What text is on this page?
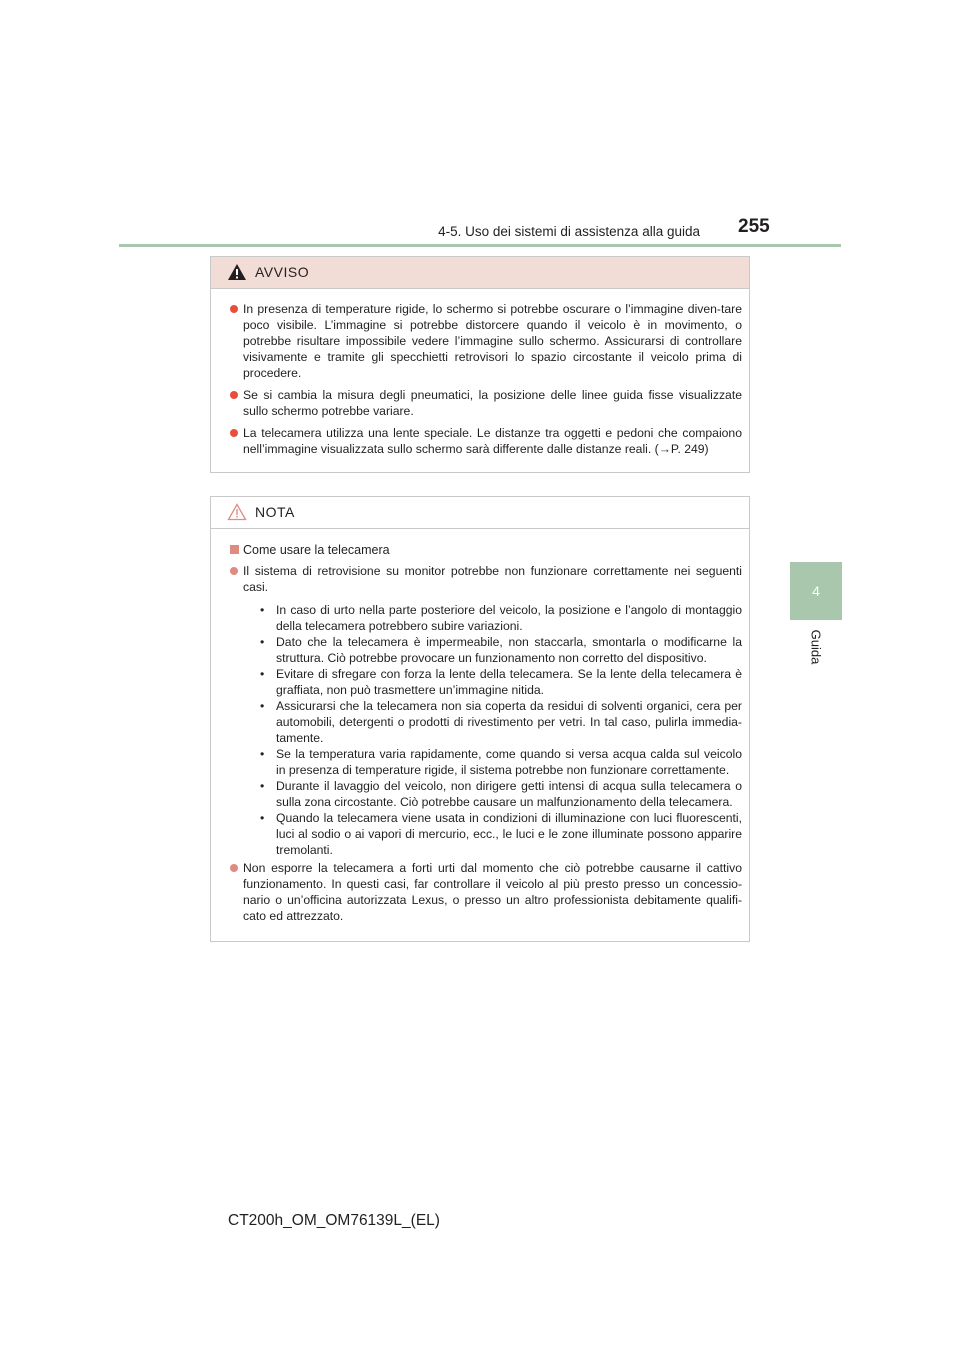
4-5. Uso dei sistemi di assistenza alla guida 255
4
Guida
AVVISO
In presenza di temperature rigide, lo schermo si potrebbe oscurare o l’immagine diven-tare poco visibile. L’immagine si potrebbe distorcere quando il veicolo è in movimento, o potrebbe risultare impossibile vedere l’immagine sullo schermo. Assicurarsi di controllare visivamente e tramite gli specchietti retrovisori lo spazio circostante il veicolo prima di procedere.
Se si cambia la misura degli pneumatici, la posizione delle linee guida fisse visualizzate sullo schermo potrebbe variare.
La telecamera utilizza una lente speciale. Le distanze tra oggetti e pedoni che compaiono nell’immagine visualizzata sullo schermo sarà differente dalle distanze reali. (→P. 249)
NOTA
Come usare la telecamera
Il sistema di retrovisione su monitor potrebbe non funzionare correttamente nei seguenti casi.
• In caso di urto nella parte posteriore del veicolo, la posizione e l’angolo di montaggio della telecamera potrebbero subire variazioni.
• Dato che la telecamera è impermeabile, non staccarla, smontarla o modificarne la struttura. Ciò potrebbe provocare un funzionamento non corretto del dispositivo.
• Evitare di sfregare con forza la lente della telecamera. Se la lente della telecamera è graffiata, non può trasmettere un’immagine nitida.
• Assicurarsi che la telecamera non sia coperta da residui di solventi organici, cera per automobili, detergenti o prodotti di rivestimento per vetri. In tal caso, pulirla immedia-tamente.
• Se la temperatura varia rapidamente, come quando si versa acqua calda sul veicolo in presenza di temperature rigide, il sistema potrebbe non funzionare correttamente.
• Durante il lavaggio del veicolo, non dirigere getti intensi di acqua sulla telecamera o sulla zona circostante. Ciò potrebbe causare un malfunzionamento della telecamera.
• Quando la telecamera viene usata in condizioni di illuminazione con luci fluorescenti, luci al sodio o ai vapori di mercurio, ecc., le luci e le zone illuminate possono apparire tremolanti.
Non esporre la telecamera a forti urti dal momento che ciò potrebbe causarne il cattivo funzionamento. In questi casi, far controllare il veicolo al più presto presso un concessio-nario o un’officina autorizzata Lexus, o presso un altro professionista debitamente qualifi-cato ed attrezzato.
CT200h_OM_OM76139L_(EL)
